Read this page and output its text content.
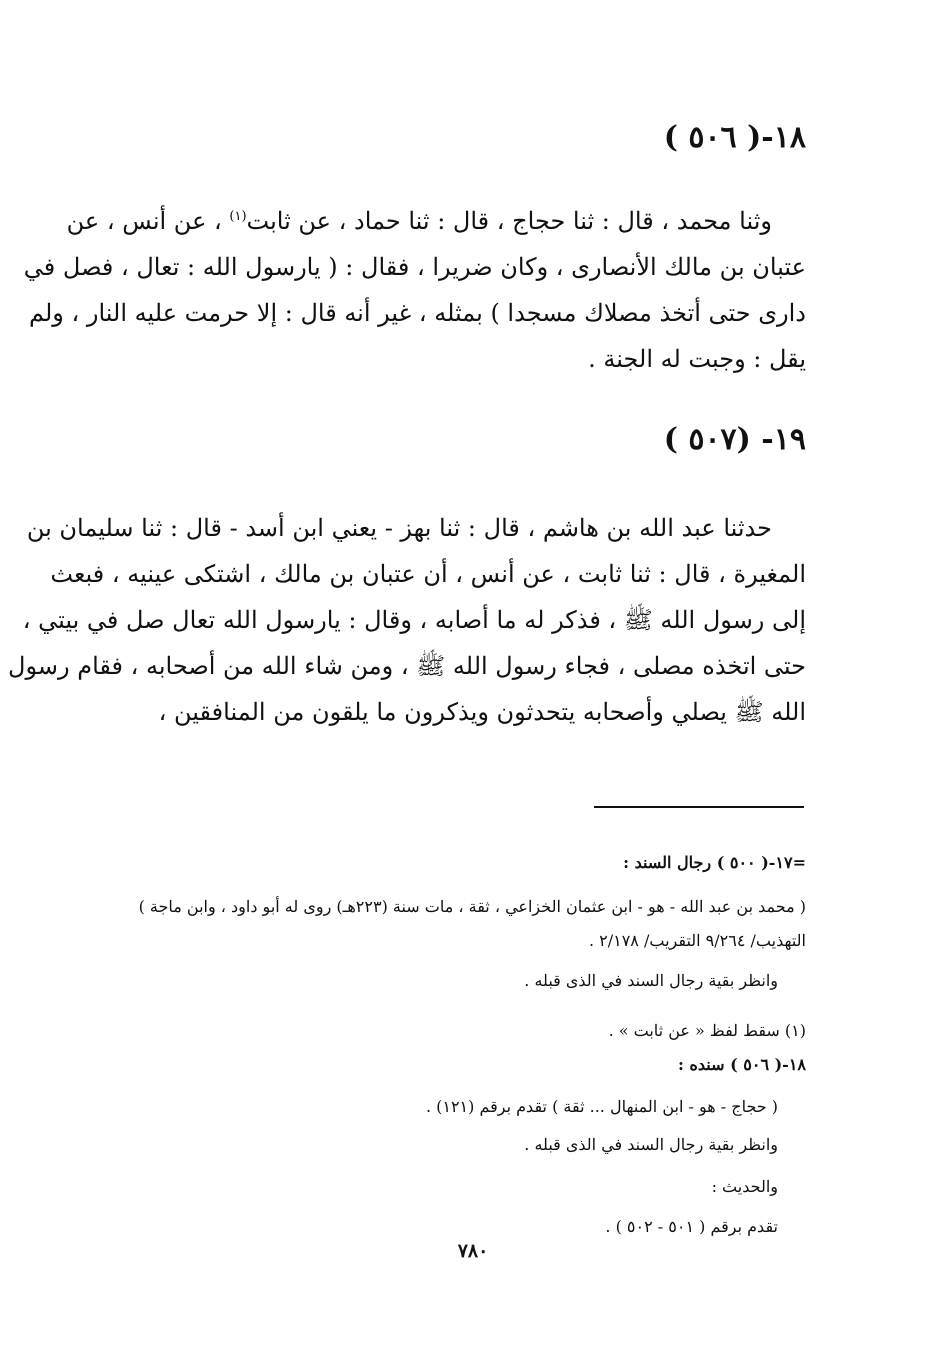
١٨-( ٥٠٦ )

وثنا محمد ، قال : ثنا حجاج ، قال : ثنا حماد ، عن ثابت$^{(١)}$ ، عن أنس ، عن
عتبان بن مالك الأنصارى ، وكان ضريرا ، فقال : ( يارسول الله : تعال ، فصل في
دارى حتى أتخذ مصلاك مسجدا ) بمثله ، غير أنه قال : إلا حرمت عليه النار ، ولم
يقل : وجبت له الجنة .

١٩- (٥٠٧ )

حدثنا عبد الله بن هاشم ، قال : ثنا بهز - يعني ابن أسد - قال : ثنا سليمان بن
المغيرة ، قال : ثنا ثابت ، عن أنس ، أن عتبان بن مالك ، اشتكى عينيه ، فبعث
إلى رسول الله ﷺ ، فذكر له ما أصابه ، وقال : يارسول الله تعال صل في بيتي ،
حتى اتخذه مصلى ، فجاء رسول الله ﷺ ، ومن شاء الله من أصحابه ، فقام رسول
الله ﷺ يصلي وأصحابه يتحدثون ويذكرون ما يلقون من المنافقين ،

=١٧-( ٥٠٠ ) رجال السند :
( محمد بن عبد الله - هو - ابن عثمان الخزاعي ، ثقة ، مات سنة (٢٢٣هـ) روى له أبو داود ، وابن ماجة )
التهذيب/ ٩/٢٦٤ التقريب/ ٢/١٧٨ .
وانظر بقية رجال السند في الذى قبله .
(١) سقط لفظ « عن ثابت » .
١٨-( ٥٠٦ ) سنده :
( حجاج - هو - ابن المنهال ... ثقة ) تقدم برقم (١٢١) .
وانظر بقية رجال السند في الذى قبله .
والحديث :
تقدم برقم ( ٥٠١ - ٥٠٢ ) .
٧٨٠
